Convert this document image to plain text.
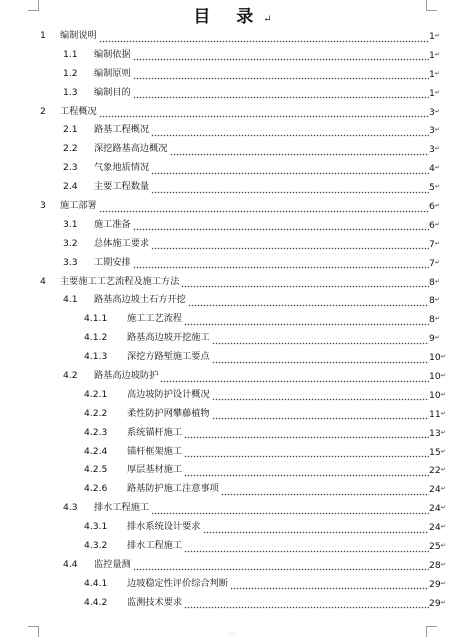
·.·
目 录↵
1 编制说明	1↵
1.1 编制依据	1↵
1.2 编制原则	1↵
1.3 编制目的	1↵
2 工程概况	3↵
2.1 路基工程概况	3↵
2.2 深挖路基高边概况	3↵
2.3 气象地质情况	4↵
2.4 主要工程数量	5↵
3 施工部署	6↵
3.1 施工准备	6↵
3.2 总体施工要求	7↵
3.3 工期安排	7↵
4 主要施工工艺流程及施工方法	8↵
4.1 路基高边坡土石方开挖	8↵
4.1.1 施工工艺流程	8↵
4.1.2 路基高边坡开挖施工	9↵
4.1.3 深挖方路堑施工要点	10↵
4.2 路基高边坡防护	10↵
4.2.1 高边坡防护设计概况	10↵
4.2.2 柔性防护网攀藤植物	11↵
4.2.3 系统锚杆施工	13↵
4.2.4 锚杆框架施工	15↵
4.2.5 厚层基材施工	22↵
4.2.6 路基防护施工注意事项	24↵
4.3 排水工程施工	24↵
4.3.1 排水系统设计要求	24↵
4.3.2 排水工程施工	25↵
4.4 监控量测	28↵
4.4.1 边坡稳定性评价综合判断	29↵
4.4.2 监测技术要求	29↵
